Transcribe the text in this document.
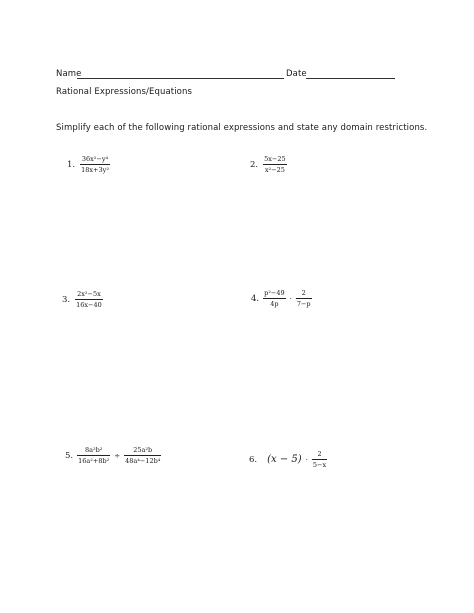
Name	Date
Rational Expressions/Equations
Simplify each of the following rational expressions and state any domain restrictions.
1. $\frac{\text{36x²−y⁴}}{\text{18x+3y²}}$	2. $\frac{5x-25}{\text{x²−25}}$
3. $\frac{\text{2x²−5x}}{16x-40}$	4. $\frac{\text{p²−49}}{4p} \cdot \frac{2}{7-p}$
5. $\frac{\text{8a²b²}}{\text{16a²+8b²}} \div \frac{\text{25a²b}}{\text{48a⁴−12b⁴}}$	6. $(x - 5) \cdot \frac{2}{5-x}$
